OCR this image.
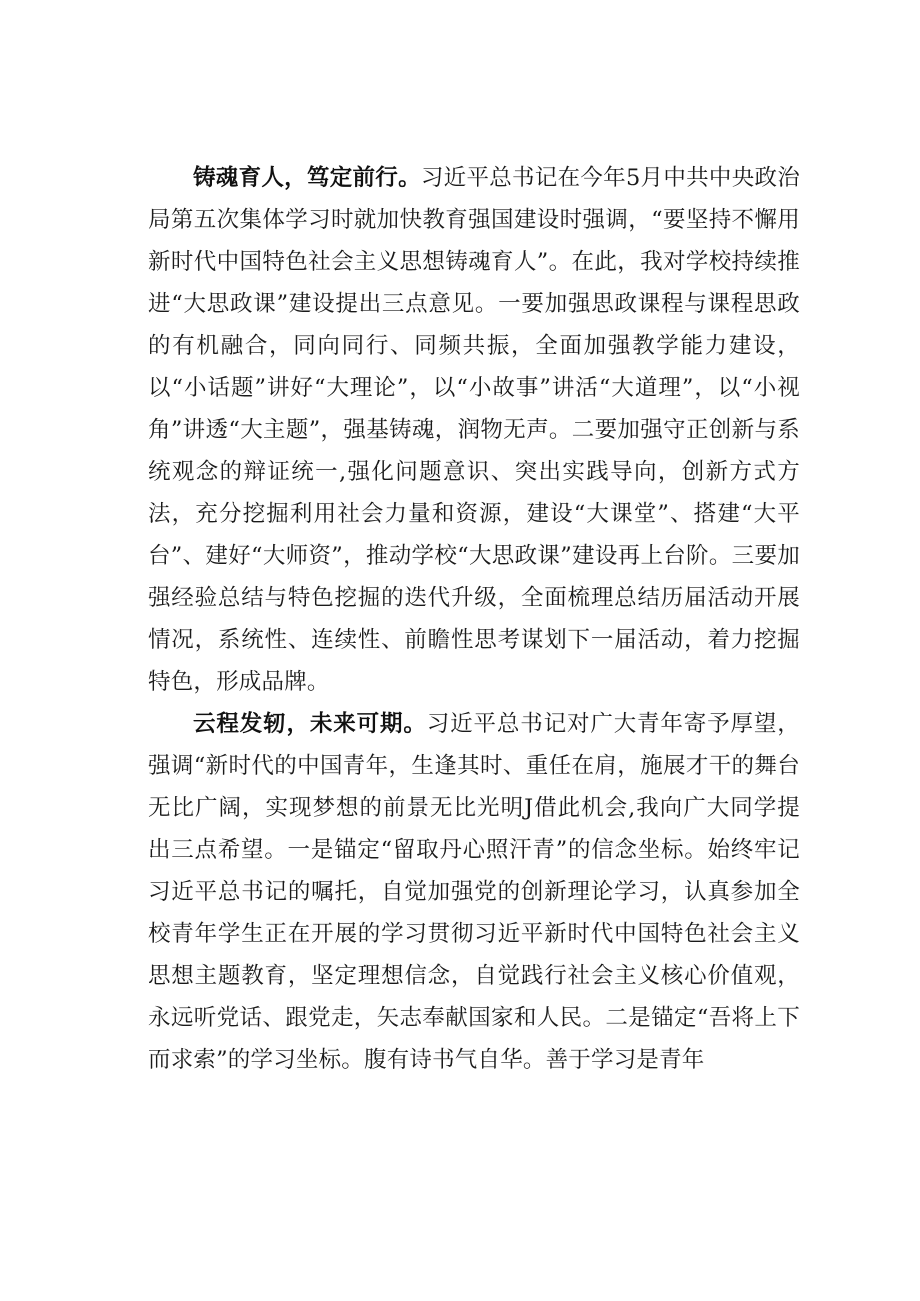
铸魂育人，笃定前行。习近平总书记在今年5月中共中央政治局第五次集体学习时就加快教育强国建设时强调，“要坚持不懈用新时代中国特色社会主义思想铸魂育人”。在此，我对学校持续推进“大思政课”建设提出三点意见。一要加强思政课程与课程思政的有机融合，同向同行、同频共振，全面加强教学能力建设，以“小话题”讲好“大理论”，以“小故事”讲活“大道理”，以“小视角”讲透“大主题”，强基铸魂，润物无声。二要加强守正创新与系统观念的辩证统一,强化问题意识、突出实践导向，创新方式方法，充分挖掘利用社会力量和资源，建设“大课堂”、搭建“大平台”、建好“大师资”，推动学校“大思政课”建设再上台阶。三要加强经验总结与特色挖掘的迭代升级，全面梳理总结历届活动开展情况，系统性、连续性、前瞻性思考谋划下一届活动，着力挖掘特色，形成品牌。

云程发轫，未来可期。习近平总书记对广大青年寄予厚望，强调“新时代的中国青年，生逢其时、重任在肩，施展才干的舞台无比广阔，实现梦想的前景无比光明J借此机会,我向广大同学提出三点希望。一是锚定“留取丹心照汗青”的信念坐标。始终牢记习近平总书记的嘱托，自觉加强党的创新理论学习，认真参加全校青年学生正在开展的学习贯彻习近平新时代中国特色社会主义思想主题教育，坚定理想信念，自觉践行社会主义核心价值观，永远听党话、跟党走，矢志奉献国家和人民。二是锚定“吾将上下而求索”的学习坐标。腹有诗书气自华。善于学习是青年
